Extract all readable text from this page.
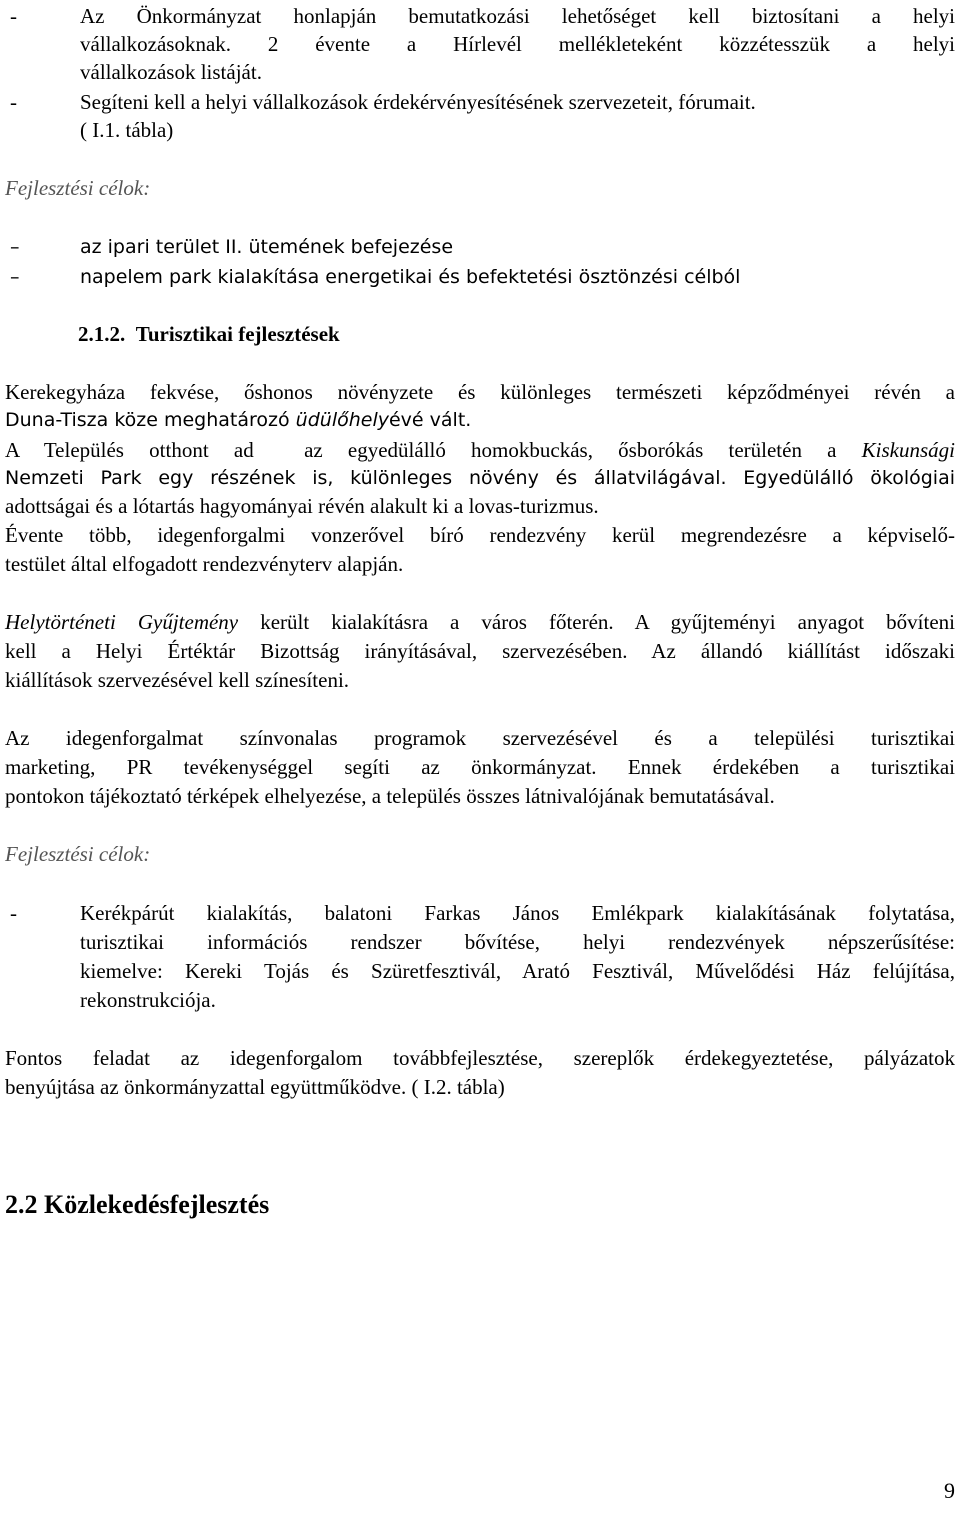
-	Az Önkormányzat honlapján bemutatkozási lehetőséget kell biztosítani a helyi
vállalkozásoknak. 2 évente a Hírlevél mellékleteként közzétesszük a helyi
vállalkozások listáját.
-	Segíteni kell a helyi vállalkozások érdekérvényesítésének szervezeteit, fórumait.
( I.1. tábla)
Fejlesztési célok:
–	az ipari terület II. ütemének befejezése
–	napelem park kialakítása energetikai és befektetési ösztönzési célból
2.1.2.  Turisztikai fejlesztések
Kerekegyháza fekvése, őshonos növényzete és különleges természeti képződményei révén a
Duna-Tisza köze meghatározó üdülőhelyévé vált.
A Település otthont ad  az egyedülálló homokbuckás, ősborókás területén a Kiskunsági
Nemzeti Park egy részének is, különleges növény és állatvilágával. Egyedülálló ökológiai
adottságai és a lótartás hagyományai révén alakult ki a lovas-turizmus.
Évente több, idegenforgalmi vonzerővel bíró rendezvény kerül megrendezésre a képviselő-
testület által elfogadott rendezvényterv alapján.
Helytörténeti Gyűjtemény került kialakításra a város főterén. A gyűjteményi anyagot bővíteni
kell a Helyi Értéktár Bizottság irányításával, szervezésében. Az állandó kiállítást időszaki
kiállítások szervezésével kell színesíteni.
Az idegenforgalmat színvonalas programok szervezésével és a települési turisztikai
marketing, PR tevékenységgel segíti az önkormányzat. Ennek érdekében a turisztikai
pontokon tájékoztató térképek elhelyezése, a település összes látnivalójának bemutatásával.
Fejlesztési célok:
-	Kerékpárút kialakítás, balatoni Farkas János Emlékpark kialakításának folytatása,
turisztikai információs rendszer bővítése, helyi rendezvények népszerűsítése:
kiemelve: Kereki Tojás és Szüretfesztivál, Arató Fesztivál, Művelődési Ház felújítása,
rekonstrukciója.
Fontos feladat az idegenforgalom továbbfejlesztése, szereplők érdekegyeztetése, pályázatok
benyújtása az önkormányzattal együttműködve. ( I.2. tábla)
2.2 Közlekedésfejlesztés
9
